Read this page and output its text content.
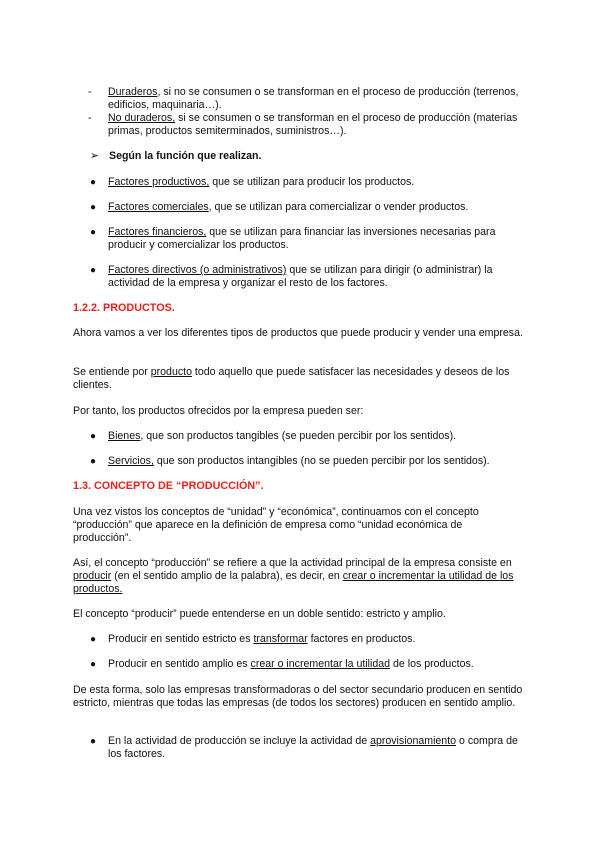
- Duraderos, si no se consumen o se transforman en el proceso de producción (terrenos, edificios, maquinaria…).
- No duraderos, si se consumen o se transforman en el proceso de producción (materias primas, productos semiterminados, suministros…).
➢ Según la función que realizan.
● Factores productivos, que se utilizan para producir los productos.
● Factores comerciales, que se utilizan para comercializar o vender productos.
● Factores financieros, que se utilizan para financiar las inversiones necesarias para producir y comercializar los productos.
● Factores directivos (o administrativos) que se utilizan para dirigir (o administrar) la actividad de la empresa y organizar el resto de los factores.
1.2.2. PRODUCTOS.
Ahora vamos a ver los diferentes tipos de productos que puede producir y vender una empresa.
Se entiende por producto todo aquello que puede satisfacer las necesidades y deseos de los clientes.
Por tanto, los productos ofrecidos por la empresa pueden ser:
● Bienes, que son productos tangibles (se pueden percibir por los sentidos).
● Servicios, que son productos intangibles (no se pueden percibir por los sentidos).
1.3. CONCEPTO DE “PRODUCCIÓN”.
Una vez vistos los conceptos de “unidad” y “económica”, continuamos con el concepto “producción” que aparece en la definición de empresa como “unidad económica de producción”.
Así, el concepto “producción” se refiere a que la actividad principal de la empresa consiste en producir (en el sentido amplio de la palabra), es decir, en crear o incrementar la utilidad de los productos.
El concepto “producir” puede entenderse en un doble sentido: estricto y amplio.
● Producir en sentido estricto es transformar factores en productos.
● Producir en sentido amplio es crear o incrementar la utilidad de los productos.
De esta forma, solo las empresas transformadoras o del sector secundario producen en sentido estricto, mientras que todas las empresas (de todos los sectores) producen en sentido amplio.
● En la actividad de producción se incluye la actividad de aprovisionamiento o compra de los factores.
